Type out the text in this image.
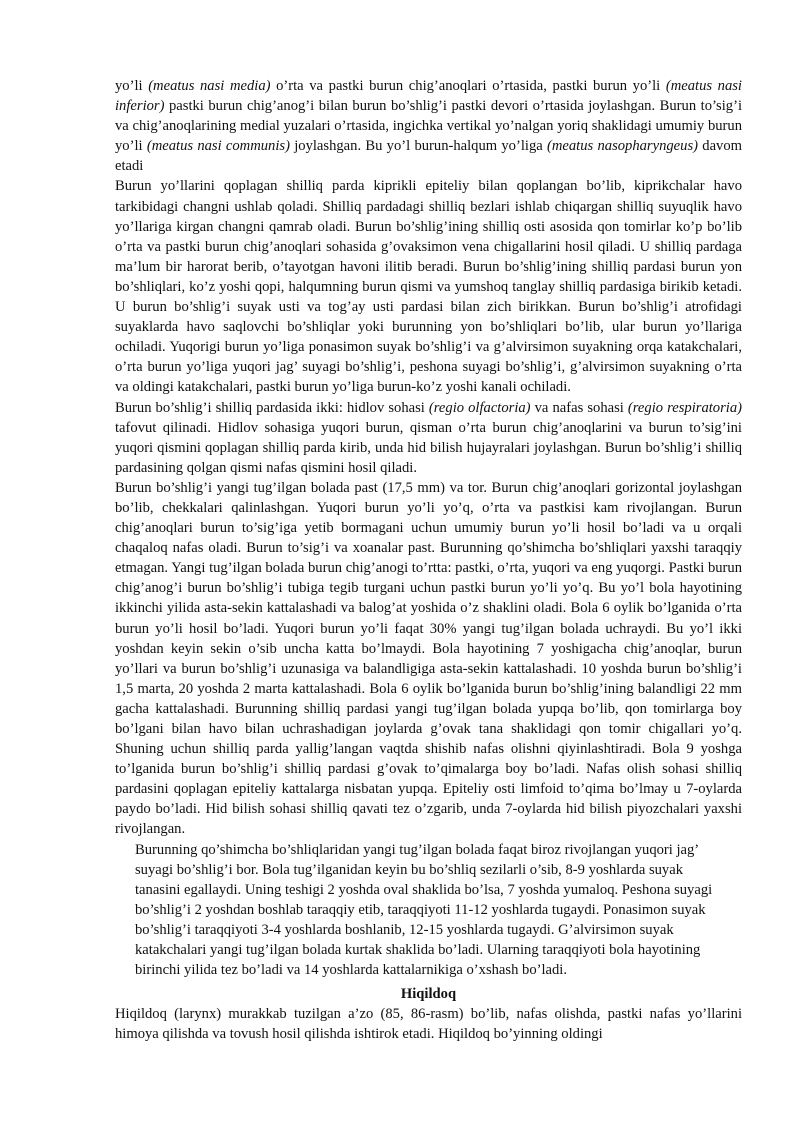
yo’li (meatus nasi media) o’rta va pastki burun chig’anoqlari o’rtasida, pastki burun yo’li (meatus nasi inferior) pastki burun chig’anog’i bilan burun bo’shlig’i pastki devori o’rtasida joylashgan. Burun to’sig’i va chig’anoqlarining medial yuzalari o’rtasida, ingichka vertikal yo’nalgan yoriq shaklidagi umumiy burun yo’li (meatus nasi communis) joylashgan. Bu yo’l burun-halqum yo’liga (meatus nasopharyngeus) davom etadi

Burun yo’llarini qoplagan shilliq parda kiprikli epiteliy bilan qoplangan bo’lib, kiprikchalar havo tarkibidagi changni ushlab qoladi. Shilliq pardadagi shilliq bezlari ishlab chiqargan shilliq suyuqlik havo yo’llariga kirgan changni qamrab oladi. Burun bo’shlig’ining shilliq osti asosida qon tomirlar ko’p bo’lib o’rta va pastki burun chig’anoqlari sohasida g’ovaksimon vena chigallarini hosil qiladi. U shilliq pardaga ma’lum bir harorat berib, o’tayotgan havoni ilitib beradi. Burun bo’shlig’ining shilliq pardasi burun yon bo’shliqlari, ko’z yoshi qopi, halqumning burun qismi va yumshoq tanglay shilliq pardasiga birikib ketadi. U burun bo’shlig’i suyak usti va tog’ay usti pardasi bilan zich birikkan. Burun bo’shlig’i atrofidagi suyaklarda havo saqlovchi bo’shliqlar yoki burunning yon bo’shliqlari bo’lib, ular burun yo’llariga ochiladi. Yuqorigi burun yo’liga ponasimon suyak bo’shlig’i va g’alvirsimon suyakning orqa katakchalari, o’rta burun yo’liga yuqori jag’ suyagi bo’shlig’i, peshona suyagi bo’shlig’i, g’alvirsimon suyakning o’rta va oldingi katakchalari, pastki burun yo’liga burun-ko’z yoshi kanali ochiladi.

Burun bo’shlig’i shilliq pardasida ikki: hidlov sohasi (regio olfactoria) va nafas sohasi (regio respiratoria) tafovut qilinadi. Hidlov sohasiga yuqori burun, qisman o’rta burun chig’anoqlarini va burun to’sig’ini yuqori qismini qoplagan shilliq parda kirib, unda hid bilish hujayralari joylashgan. Burun bo’shlig’i shilliq pardasining qolgan qismi nafas qismini hosil qiladi.

Burun bo’shlig’i yangi tug’ilgan bolada past (17,5 mm) va tor. Burun chig’anoqlari gorizontal joylashgan bo’lib, chekkalari qalinlashgan. Yuqori burun yo’li yo’q, o’rta va pastkisi kam rivojlangan. Burun chig’anoqlari burun to’sig’iga yetib bormagani uchun umumiy burun yo’li hosil bo’ladi va u orqali chaqaloq nafas oladi. Burun to’sig’i va xoanalar past. Burunning qo’shimcha bo’shliqlari yaxshi taraqqiy etmagan. Yangi tug’ilgan bolada burun chig’anogi to’rtta: pastki, o’rta, yuqori va eng yuqorgi. Pastki burun chig’anog’i burun bo’shlig’i tubiga tegib turgani uchun pastki burun yo’li yo’q. Bu yo’l bola hayotining ikkinchi yilida asta-sekin kattalashadi va balog’at yoshida o’z shaklini oladi. Bola 6 oylik bo’lganida o’rta burun yo’li hosil bo’ladi. Yuqori burun yo’li faqat 30% yangi tug’ilgan bolada uchraydi. Bu yo’l ikki yoshdan keyin sekin o’sib uncha katta bo’lmaydi. Bola hayotining 7 yoshigacha chig’anoqlar, burun yo’llari va burun bo’shlig’i uzunasiga va balandligiga asta-sekin kattalashadi. 10 yoshda burun bo’shlig’i 1,5 marta, 20 yoshda 2 marta kattalashadi. Bola 6 oylik bo’lganida burun bo’shlig’ining balandligi 22 mm gacha kattalashadi. Burunning shilliq pardasi yangi tug’ilgan bolada yupqa bo’lib, qon tomirlarga boy bo’lgani bilan havo bilan uchrashadigan joylarda g’ovak tana shaklidagi qon tomir chigallari yo’q. Shuning uchun shilliq parda yallig’langan vaqtda shishib nafas olishni qiyinlashtiradi. Bola 9 yoshga to’lganida burun bo’shlig’i shilliq pardasi g’ovak to’qimalarga boy bo’ladi. Nafas olish sohasi shilliq pardasini qoplagan epiteliy kattalarga nisbatan yupqa. Epiteliy osti limfoid to’qima bo’lmay u 7-oylarda paydo bo’ladi. Hid bilish sohasi shilliq qavati tez o’zgarib, unda 7-oylarda hid bilish piyozchalari yaxshi rivojlangan.

Burunning qo’shimcha bo’shliqlaridan yangi tug’ilgan bolada faqat biroz rivojlangan yuqori jag’ suyagi bo’shlig’i bor. Bola tug’ilganidan keyin bu bo’shliq sezilarli o’sib, 8-9 yoshlarda suyak tanasini egallaydi. Uning teshigi 2 yoshda oval shaklida bo’lsa, 7 yoshda yumaloq. Peshona suyagi bo’shlig’i 2 yoshdan boshlab taraqqiy etib, taraqqiyoti 11-12 yoshlarda tugaydi. Ponasimon suyak bo’shlig’i taraqqiyoti 3-4 yoshlarda boshlanib, 12-15 yoshlarda tugaydi. G’alvirsimon suyak katakchalari yangi tug’ilgan bolada kurtak shaklida bo’ladi. Ularning taraqqiyoti bola hayotining birinchi yilida tez bo’ladi va 14 yoshlarda kattalarnikiga o’xshash bo’ladi.

Hiqildoq

Hiqildoq (larynx) murakkab tuzilgan a’zo (85, 86-rasm) bo’lib, nafas olishda, pastki nafas yo’llarini himoya qilishda va tovush hosil qilishda ishtirok etadi. Hiqildoq bo’yinning oldingi
